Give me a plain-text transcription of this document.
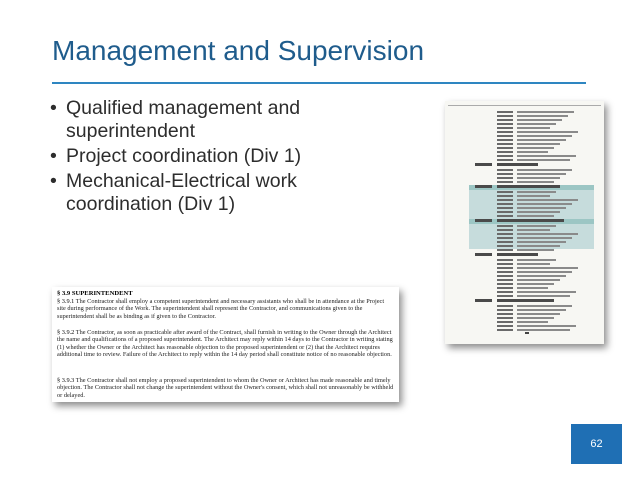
Management and Supervision
• Qualified management and superintendent
• Project coordination (Div 1)
• Mechanical-Electrical work coordination (Div 1)
§ 3.9 SUPERINTENDENT
§ 3.9.1 The Contractor shall employ a competent superintendent and necessary assistants who shall be in attendance at the Project site during performance of the Work. The superintendent shall represent the Contractor, and communications given to the superintendent shall be as binding as if given to the Contractor.
§ 3.9.2 The Contractor, as soon as practicable after award of the Contract, shall furnish in writing to the Owner through the Architect the name and qualifications of a proposed superintendent. The Architect may reply within 14 days to the Contractor in writing stating (1) whether the Owner or the Architect has reasonable objection to the proposed superintendent or (2) that the Architect requires additional time to review. Failure of the Architect to reply within the 14 day period shall constitute notice of no reasonable objection.
§ 3.9.3 The Contractor shall not employ a proposed superintendent to whom the Owner or Architect has made reasonable and timely objection. The Contractor shall not change the superintendent without the Owner's consent, which shall not unreasonably be withheld or delayed.
62
